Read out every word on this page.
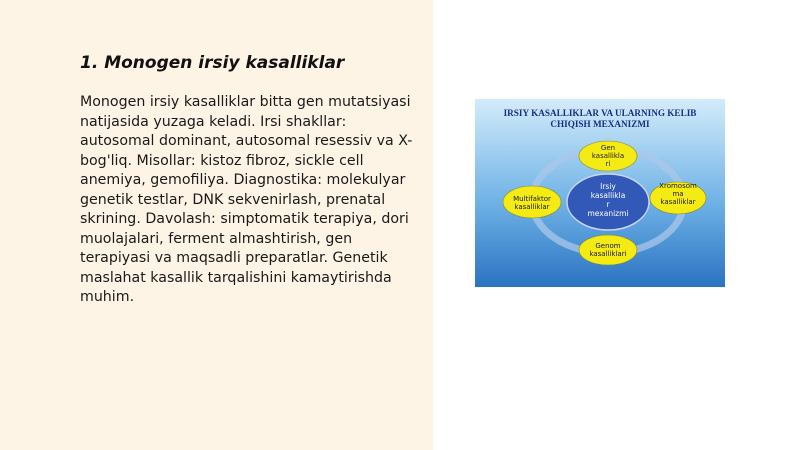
1. Monogen irsiy kasalliklar

Monogen irsiy kasalliklar bitta gen mutatsiyasi natijasida yuzaga keladi. Irsi shakllar: autosomal dominant, autosomal resessiv va X-bog'liq. Misollar: kistoz fibroz, sickle cell anemiya, gemofiliya. Diagnostika: molekulyar genetik testlar, DNK sekvenirlash, prenatal skrining. Davolash: simptomatik terapiya, dori muolajalari, ferment almashtirish, gen terapiyasi va maqsadli preparatlar. Genetik maslahat kasallik tarqalishini kamaytirishda muhim.

IRSIY KASALLIKLAR VA ULARNING KELIB
CHIQISH MEXANIZMI
Irsiy
kasalliklа
r
mexanizmi
Gen
kasalliklа
ri
Multifaktor
kasalliklar
Xromosom
ma
kasalliklar
Genom
kasalliklari
